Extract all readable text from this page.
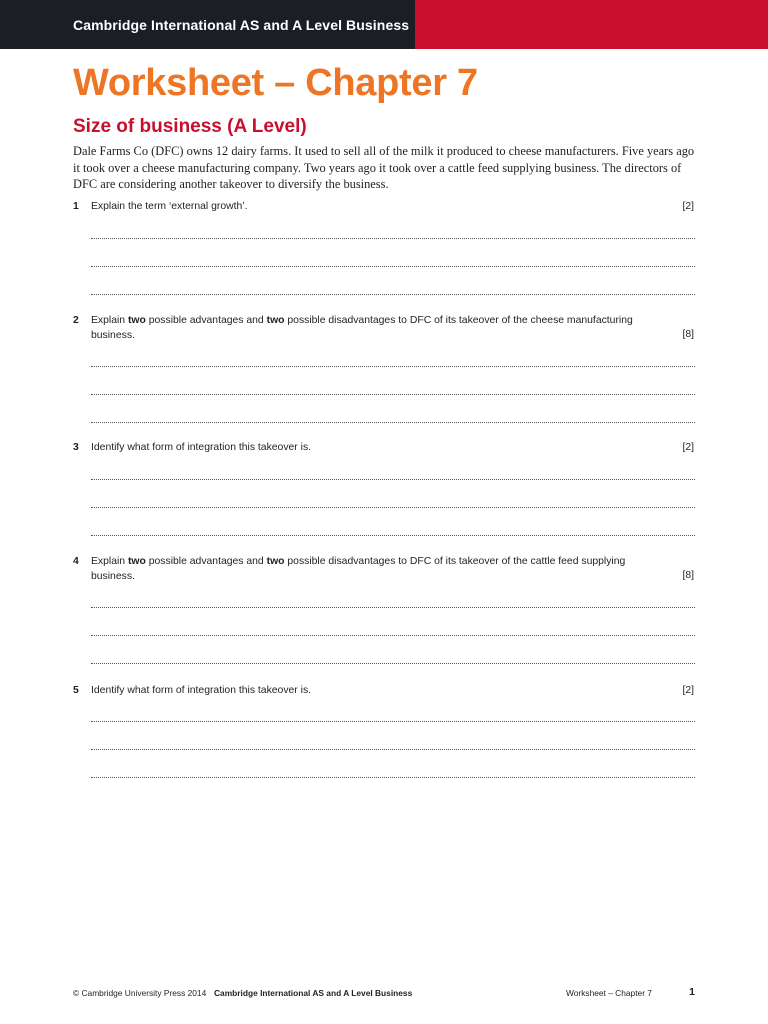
Cambridge International AS and A Level Business
Worksheet – Chapter 7
Size of business (A Level)

Dale Farms Co (DFC) owns 12 dairy farms. It used to sell all of the milk it produced to cheese manufacturers. Five years ago it took over a cheese manufacturing company. Two years ago it took over a cattle feed supplying business. The directors of DFC are considering another takeover to diversify the business.

1 Explain the term ‘external growth’.	[2]
2 Explain two possible advantages and two possible disadvantages to DFC of its takeover of the cheese manufacturing business.	[8]
3 Identify what form of integration this takeover is.	[2]
4 Explain two possible advantages and two possible disadvantages to DFC of its takeover of the cattle feed supplying business.	[8]
5 Identify what form of integration this takeover is.	[2]
© Cambridge University Press 2014 Cambridge International AS and A Level Business	Worksheet – Chapter 7	1
